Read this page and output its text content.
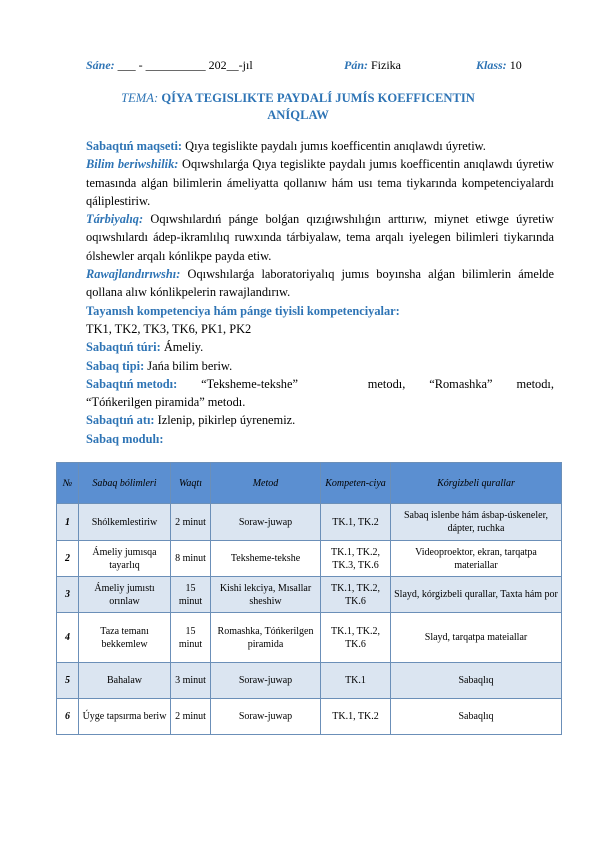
Sáne: ___ - __________ 202__-jıl	Pán: Fizika	Klass: 10
TEMA: QÍYA TEGISLIKTE PAYDALÍ JUMÍS KOEFFICENTIN ANÍQLAW

Sabaqtıń maqseti: Qıya tegislikte paydalı jumıs koefficentin anıqlawdı úyretiw.

Bilim beriwshilik: Oqıwshılarǵa Qıya tegislikte paydalı jumıs koefficentin anıqlawdı úyretiw temasında alǵan bilimlerin ámeliyatta qollanıw hám usı tema tiykarında kompetenciyalardı qáliplestiriw.

Tárbiyalıq: Oqıwshılardıń pánge bolǵan qızıǵıwshılıǵın arttırıw, miynet etiwge úyretiw oqıwshılardı ádep-ikramlılıq ruwxında tárbiyalaw, tema arqalı iyelegen bilimleri tiykarında ólshewler arqalı kónlikpe payda etiw.

Rawajlandırıwshı: Oqıwshılarǵa laboratoriyalıq jumıs boyınsha alǵan bilimlerin ámelde qollana alıw kónlikpelerin rawajlandırıw.

Tayanısh kompetenciya hám pánge tiyisli kompetenciyalar:

TK1, TK2, TK3, TK6, PK1, PK2

Sabaqtıń túri: Ámeliy.

Sabaq tipi: Jańa bilim beriw.

Sabaqtıń metodı: “Teksheme-tekshe”	metodı, “Romashka” metodı,

“Tóńkerilgen piramida” metodı.

Sabaqtıń atı: Izlenip, pikirlep úyrenemiz.

Sabaq modulı:

№	Sabaq bólimleri	Waqtı	Metod	Kompeten-ciya	Kórgizbeli qurallar
1	Shólkemlestiriw	2 minut	Soraw-juwap	TK.1, TK.2	Sabaq islenbe hám ásbap-úskeneler, dápter, ruchka
2	Ámeliy jumısqa tayarlıq	8 minut	Teksheme-tekshe	TK.1, TK.2, TK.3, TK.6	Videoproektor, ekran, tarqatpa materiallar
3	Ámeliy jumıstı orınlaw	15 minut	Kishi lekciya, Mısallar sheshiw	TK.1, TK.2, TK.6	Slayd, kórgizbeli qurallar, Taxta hám por
4	Taza temanı bekkemlew	15 minut	Romashka, Tóńkerilgen piramida	TK.1, TK.2, TK.6	Slayd, tarqatpa mateiallar
5	Bahalaw	3 minut	Soraw-juwap	TK.1	Sabaqlıq
6	Úyge tapsırma beriw	2 minut	Soraw-juwap	TK.1, TK.2	Sabaqlıq
